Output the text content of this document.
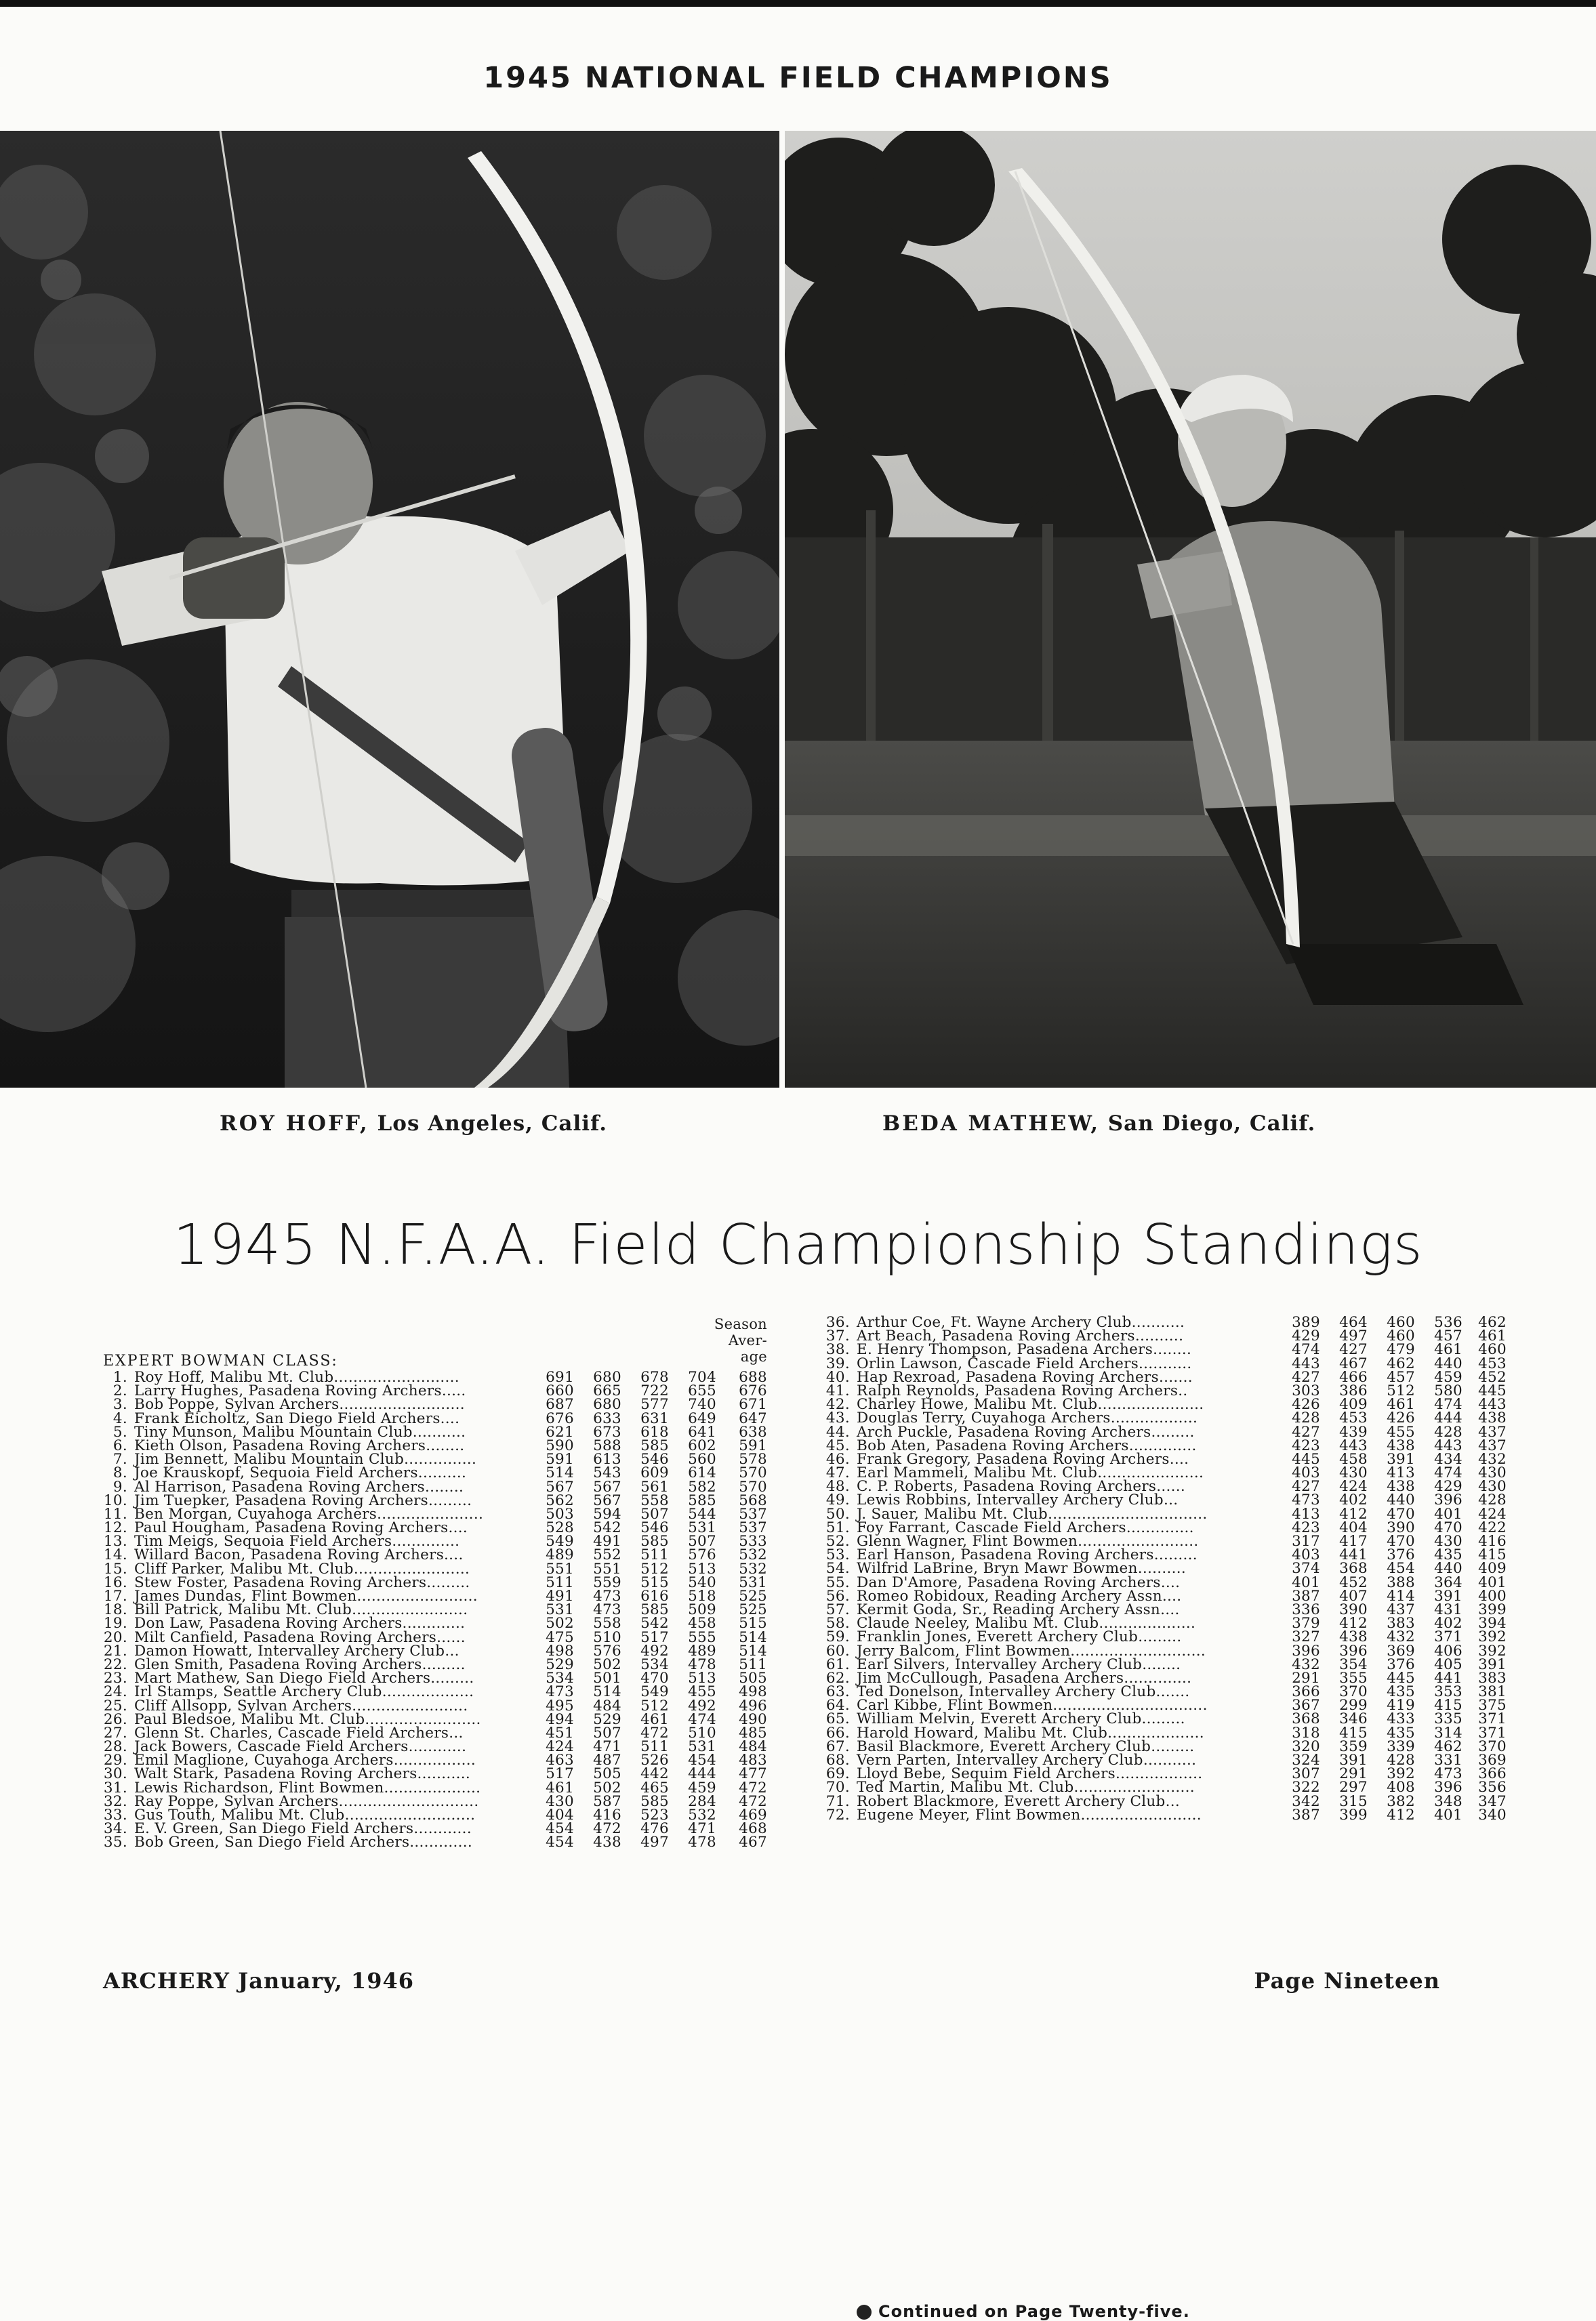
1945 NATIONAL FIELD CHAMPIONS
ROY HOFF, Los Angeles, Calif.	BEDA MATHEW, San Diego, Calif.
1945 N.F.A.A. Field Championship Standings
Season
Aver-
age
EXPERT BOWMAN CLASS:
1. Roy Hoff, Malibu Mt. Club..........................	691	680	678	704	688
2. Larry Hughes, Pasadena Roving Archers.....	660	665	722	655	676
3. Bob Poppe, Sylvan Archers..........................	687	680	577	740	671
4. Frank Eicholtz, San Diego Field Archers....	676	633	631	649	647
5. Tiny Munson, Malibu Mountain Club...........	621	673	618	641	638
6. Kieth Olson, Pasadena Roving Archers........	590	588	585	602	591
7. Jim Bennett, Malibu Mountain Club...............	591	613	546	560	578
8. Joe Krauskopf, Sequoia Field Archers..........	514	543	609	614	570
9. Al Harrison, Pasadena Roving Archers........	567	567	561	582	570
10. Jim Tuepker, Pasadena Roving Archers.........	562	567	558	585	568
11. Ben Morgan, Cuyahoga Archers......................	503	594	507	544	537
12. Paul Hougham, Pasadena Roving Archers....	528	542	546	531	537
13. Tim Meigs, Sequoia Field Archers..............	549	491	585	507	533
14. Willard Bacon, Pasadena Roving Archers....	489	552	511	576	532
15. Cliff Parker, Malibu Mt. Club........................	551	551	512	513	532
16. Stew Foster, Pasadena Roving Archers.........	511	559	515	540	531
17. James Dundas, Flint Bowmen.........................	491	473	616	518	525
18. Bill Patrick, Malibu Mt. Club........................	531	473	585	509	525
19. Don Law, Pasadena Roving Archers.............	502	558	542	458	515
20. Milt Canfield, Pasadena Roving Archers......	475	510	517	555	514
21. Damon Howatt, Intervalley Archery Club...	498	576	492	489	514
22. Glen Smith, Pasadena Roving Archers.........	529	502	534	478	511
23. Mart Mathew, San Diego Field Archers.........	534	501	470	513	505
24. Irl Stamps, Seattle Archery Club...................	473	514	549	455	498
25. Cliff Allsopp, Sylvan Archers........................	495	484	512	492	496
26. Paul Bledsoe, Malibu Mt. Club........................	494	529	461	474	490
27. Glenn St. Charles, Cascade Field Archers...	451	507	472	510	485
28. Jack Bowers, Cascade Field Archers............	424	471	511	531	484
29. Emil Maglione, Cuyahoga Archers.................	463	487	526	454	483
30. Walt Stark, Pasadena Roving Archers...........	517	505	442	444	477
31. Lewis Richardson, Flint Bowmen....................	461	502	465	459	472
32. Ray Poppe, Sylvan Archers.............................	430	587	585	284	472
33. Gus Touth, Malibu Mt. Club...........................	404	416	523	532	469
34. E. V. Green, San Diego Field Archers............	454	472	476	471	468
35. Bob Green, San Diego Field Archers.............	454	438	497	478	467
36. Arthur Coe, Ft. Wayne Archery Club...........	389	464	460	536	462
37. Art Beach, Pasadena Roving Archers..........	429	497	460	457	461
38. E. Henry Thompson, Pasadena Archers........	474	427	479	461	460
39. Orlin Lawson, Cascade Field Archers...........	443	467	462	440	453
40. Hap Rexroad, Pasadena Roving Archers.......	427	466	457	459	452
41. Ralph Reynolds, Pasadena Roving Archers..	303	386	512	580	445
42. Charley Howe, Malibu Mt. Club......................	426	409	461	474	443
43. Douglas Terry, Cuyahoga Archers..................	428	453	426	444	438
44. Arch Puckle, Pasadena Roving Archers.........	427	439	455	428	437
45. Bob Aten, Pasadena Roving Archers..............	423	443	438	443	437
46. Frank Gregory, Pasadena Roving Archers....	445	458	391	434	432
47. Earl Mammeli, Malibu Mt. Club......................	403	430	413	474	430
48. C. P. Roberts, Pasadena Roving Archers......	427	424	438	429	430
49. Lewis Robbins, Intervalley Archery Club...	473	402	440	396	428
50. J. Sauer, Malibu Mt. Club.................................	413	412	470	401	424
51. Foy Farrant, Cascade Field Archers..............	423	404	390	470	422
52. Glenn Wagner, Flint Bowmen.........................	317	417	470	430	416
53. Earl Hanson, Pasadena Roving Archers.........	403	441	376	435	415
54. Wilfrid LaBrine, Bryn Mawr Bowmen..........	374	368	454	440	409
55. Dan D'Amore, Pasadena Roving Archers....	401	452	388	364	401
56. Romeo Robidoux, Reading Archery Assn....	387	407	414	391	400
57. Kermit Goda, Sr., Reading Archery Assn....	336	390	437	431	399
58. Claude Neeley, Malibu Mt. Club....................	379	412	383	402	394
59. Franklin Jones, Everett Archery Club.........	327	438	432	371	392
60. Jerry Balcom, Flint Bowmen............................	396	396	369	406	392
61. Earl Silvers, Intervalley Archery Club........	432	354	376	405	391
62. Jim McCullough, Pasadena Archers..............	291	355	445	441	383
63. Ted Donelson, Intervalley Archery Club.......	366	370	435	353	381
64. Carl Kibbe, Flint Bowmen................................	367	299	419	415	375
65. William Melvin, Everett Archery Club.........	368	346	433	335	371
66. Harold Howard, Malibu Mt. Club....................	318	415	435	314	371
67. Basil Blackmore, Everett Archery Club.........	320	359	339	462	370
68. Vern Parten, Intervalley Archery Club...........	324	391	428	331	369
69. Lloyd Bebe, Sequim Field Archers..................	307	291	392	473	366
70. Ted Martin, Malibu Mt. Club.........................	322	297	408	396	356
71. Robert Blackmore, Everett Archery Club...	342	315	382	348	347
72. Eugene Meyer, Flint Bowmen.........................	387	399	412	401	340
Continued on Page Twenty-five.
ARCHERY January, 1946	Page Nineteen
